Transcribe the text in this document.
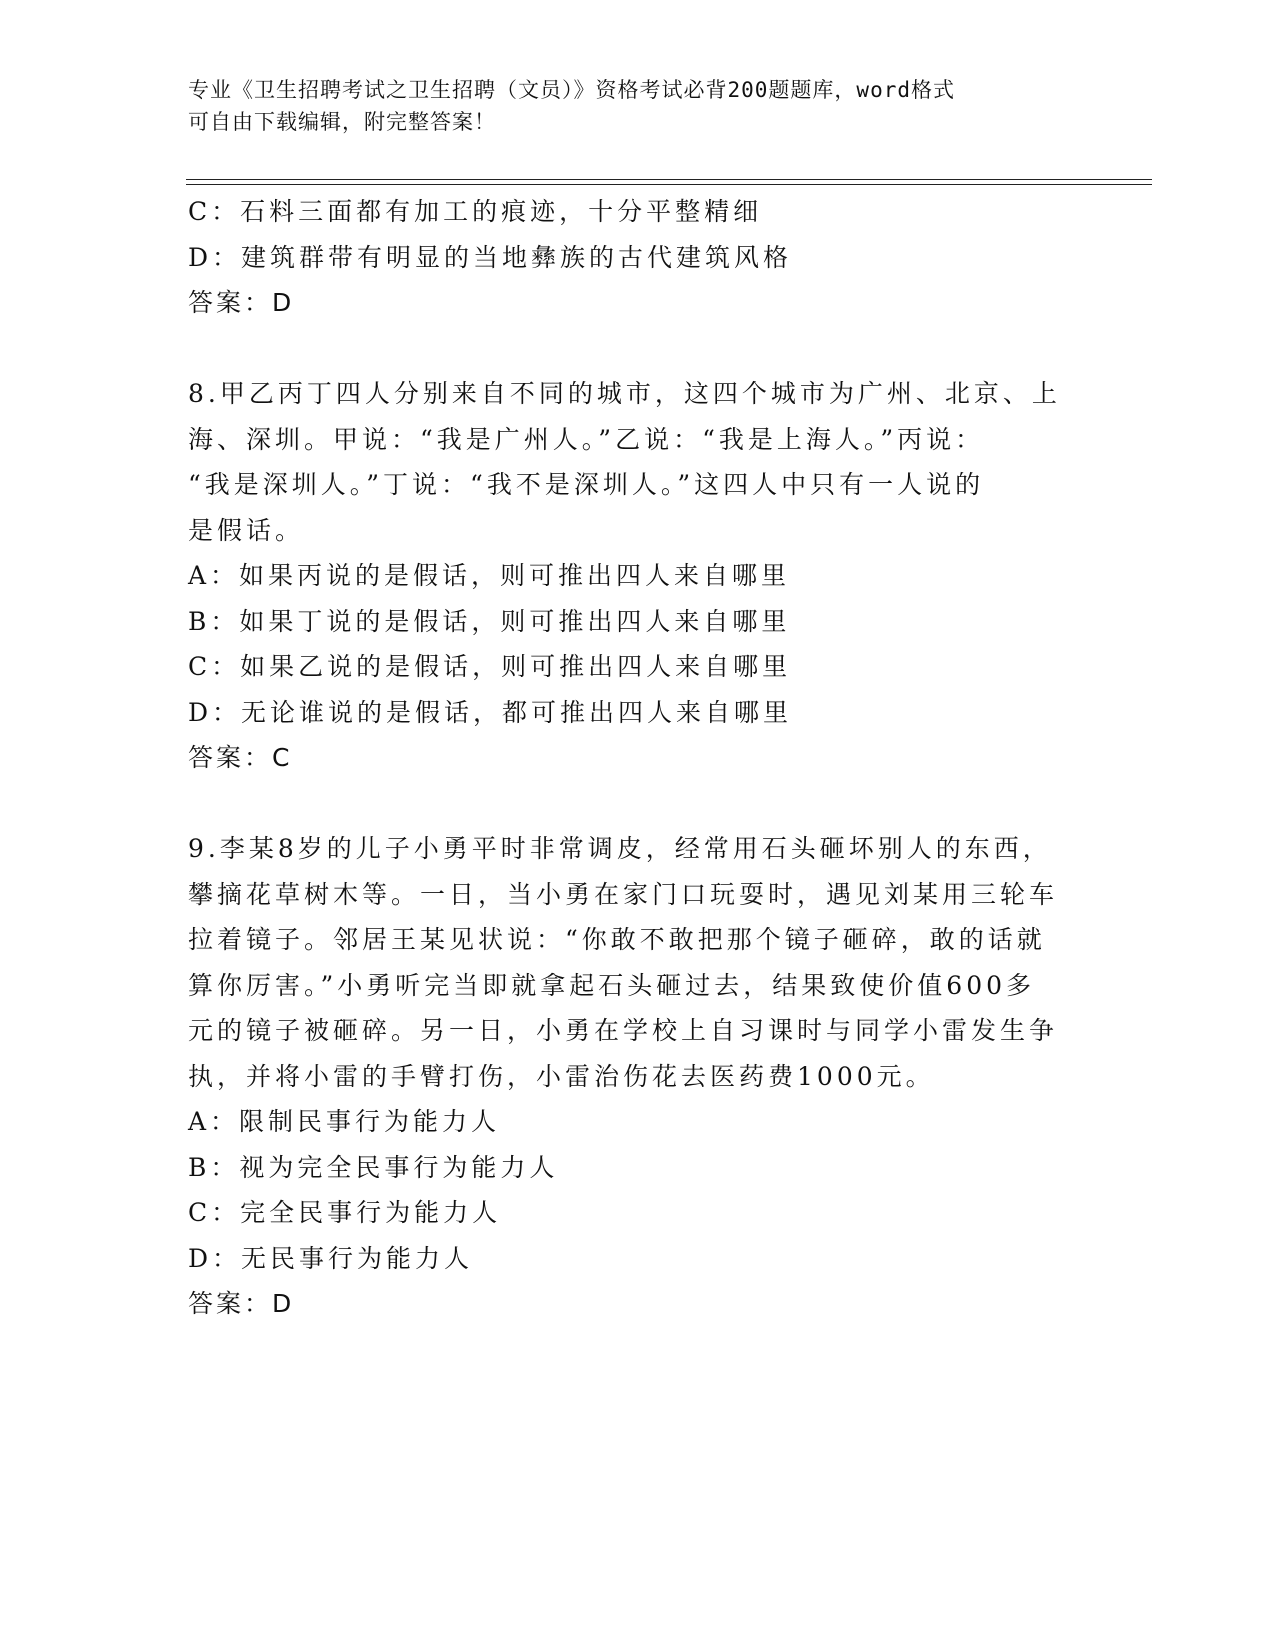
专业《卫生招聘考试之卫生招聘（文员）》资格考试必背200题题库，word格式
可自由下载编辑，附完整答案！
C：石料三面都有加工的痕迹，十分平整精细
D：建筑群带有明显的当地彝族的古代建筑风格
答案：D
8.甲乙丙丁四人分别来自不同的城市，这四个城市为广州、北京、上
海、深圳。甲说：“我是广州人。”乙说：“我是上海人。”丙说：
“我是深圳人。”丁说：“我不是深圳人。”这四人中只有一人说的
是假话。
A：如果丙说的是假话，则可推出四人来自哪里
B：如果丁说的是假话，则可推出四人来自哪里
C：如果乙说的是假话，则可推出四人来自哪里
D：无论谁说的是假话，都可推出四人来自哪里
答案：C
9.李某8岁的儿子小勇平时非常调皮，经常用石头砸坏别人的东西，
攀摘花草树木等。一日，当小勇在家门口玩耍时，遇见刘某用三轮车
拉着镜子。邻居王某见状说：“你敢不敢把那个镜子砸碎，敢的话就
算你厉害。”小勇听完当即就拿起石头砸过去，结果致使价值600多
元的镜子被砸碎。另一日，小勇在学校上自习课时与同学小雷发生争
执，并将小雷的手臂打伤，小雷治伤花去医药费1000元。
A：限制民事行为能力人
B：视为完全民事行为能力人
C：完全民事行为能力人
D：无民事行为能力人
答案：D
